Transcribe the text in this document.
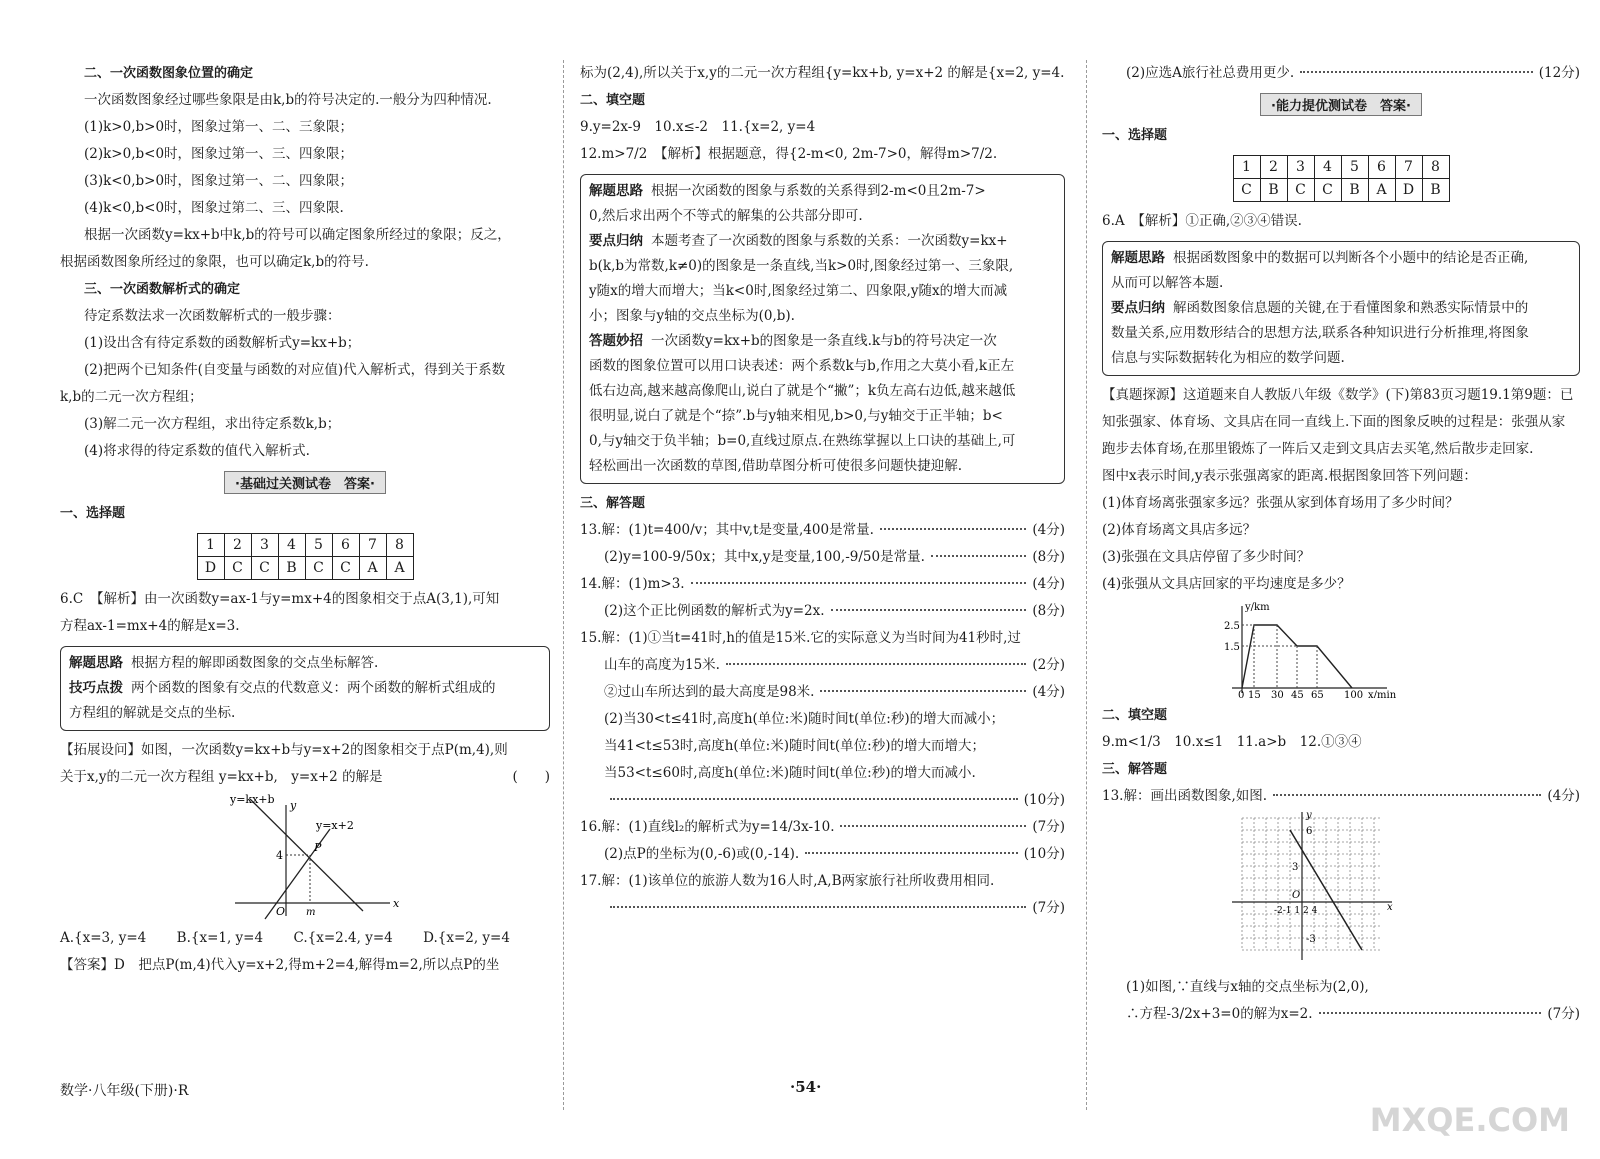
二、一次函数图象位置的确定

一次函数图象经过哪些象限是由k,b的符号决定的.一般分为四种情况.

(1)k>0,b>0时，图象过第一、二、三象限；

(2)k>0,b<0时，图象过第一、三、四象限；

(3)k<0,b>0时，图象过第一、二、四象限；

(4)k<0,b<0时，图象过第二、三、四象限.

根据一次函数y=kx+b中k,b的符号可以确定图象所经过的象限；反之，

根据函数图象所经过的象限，也可以确定k,b的符号.

三、一次函数解析式的确定

待定系数法求一次函数解析式的一般步骤：

(1)设出含有待定系数的函数解析式y=kx+b；

(2)把两个已知条件(自变量与函数的对应值)代入解析式，得到关于系数

k,b的二元一次方程组；

(3)解二元一次方程组，求出待定系数k,b；

(4)将求得的待定系数的值代入解析式.

·基础过关测试卷　答案·

一、选择题

1	2	3	4	5	6	7	8
D	C	C	B	C	C	A	A

6.C　【解析】由一次函数y=ax-1与y=mx+4的图象相交于点A(3,1),可知

方程ax-1=mx+4的解是x=3.

解题思路 根据方程的解即函数图象的交点坐标解答.

技巧点拨 两个函数的图象有交点的代数意义：两个函数的解析式组成的

方程组的解就是交点的坐标.

【拓展设问】如图，一次函数y=kx+b与y=x+2的图象相交于点P(m,4),则

关于x,y的二元一次方程组
y=kx+b,　y=x+2
的解是	(　　)

y=kx+b
y=x+2
y
x
P
4
O m

A.{x=3, y=4 B.{x=1, y=4 C.{x=2.4, y=4 D.{x=2, y=4

【答案】D　把点P(m,4)代入y=x+2,得m+2=4,解得m=2,所以点P的坐

标为(2,4),所以关于x,y的二元一次方程组{y=kx+b, y=x+2 的解是{x=2, y=4.

二、填空题

9.y=2x-9　10.x≤-2　11.{x=2, y=4

12.m>7/2　【解析】根据题意，得{2-m<0, 2m-7>0，解得m>7/2.

解题思路 根据一次函数的图象与系数的关系得到2-m<0且2m-7>

0,然后求出两个不等式的解集的公共部分即可.

要点归纳 本题考查了一次函数的图象与系数的关系：一次函数y=kx+

b(k,b为常数,k≠0)的图象是一条直线,当k>0时,图象经过第一、三象限,

y随x的增大而增大；当k<0时,图象经过第二、四象限,y随x的增大而减

小；图象与y轴的交点坐标为(0,b).

答题妙招 一次函数y=kx+b的图象是一条直线.k与b的符号决定一次

函数的图象位置可以用口诀表述：两个系数k与b,作用之大莫小看,k正左

低右边高,越来越高像爬山,说白了就是个“撇”；k负左高右边低,越来越低

很明显,说白了就是个“捺”.b与y轴来相见,b>0,与y轴交于正半轴；b<

0,与y轴交于负半轴；b=0,直线过原点.在熟练掌握以上口诀的基础上,可

轻松画出一次函数的草图,借助草图分析可使很多问题快捷迎解.

三、解答题

13.解：(1)t=400/v；其中v,t是变量,400是常量.	(4分)

(2)y=100-9/50x；其中x,y是变量,100,-9/50是常量.	(8分)

14.解：(1)m>3.	(4分)

(2)这个正比例函数的解析式为y=2x.	(8分)

15.解：(1)①当t=41时,h的值是15米.它的实际意义为当时间为41秒时,过

山车的高度为15米.	(2分)

②过山车所达到的最大高度是98米.	(4分)

(2)当30<t≤41时,高度h(单位:米)随时间t(单位:秒)的增大而减小；

当41<t≤53时,高度h(单位:米)随时间t(单位:秒)的增大而增大；

当53<t≤60时,高度h(单位:米)随时间t(单位:秒)的增大而减小.

(10分)

16.解：(1)直线l₂的解析式为y=14/3x-10.	(7分)

(2)点P的坐标为(0,-6)或(0,-14).	(10分)

17.解：(1)该单位的旅游人数为16人时,A,B两家旅行社所收费用相同.

(7分)

(2)应选A旅行社总费用更少.	(12分)

·能力提优测试卷　答案·

一、选择题

1	2	3	4	5	6	7	8
C	B	C	C	B	A	D	B

6.A　【解析】①正确,②③④错误.

解题思路 根据函数图象中的数据可以判断各个小题中的结论是否正确,

从而可以解答本题.

要点归纳 解函数图象信息题的关键,在于看懂图象和熟悉实际情景中的

数量关系,应用数形结合的思想方法,联系各种知识进行分析推理,将图象

信息与实际数据转化为相应的数学问题.

【真题探源】这道题来自人教版八年级《数学》(下)第83页习题19.1第9题：已

知张强家、体育场、文具店在同一直线上.下面的图象反映的过程是：张强从家

跑步去体育场,在那里锻炼了一阵后又走到文具店去买笔,然后散步走回家.

图中x表示时间,y表示张强离家的距离.根据图象回答下列问题：

(1)体育场离张强家多远？张强从家到体育场用了多少时间？

(2)体育场离文具店多远？

(3)张强在文具店停留了多少时间？

(4)张强从文具店回家的平均速度是多少？

y/km
2.5
1.5
0 15 30 45 65 100 x/min

二、填空题

9.m<1/3　10.x≤1　11.a>b　12.①③④

三、解答题

13.解：画出函数图象,如图.	(4分)

y
x
O
6
3
-3
-2-1 1 2 4

(1)如图,∵直线与x轴的交点坐标为(2,0),

∴方程-3/2x+3=0的解为x=2.	(7分)

数学·八年级(下册)·R	·54·
MXQE.COM
